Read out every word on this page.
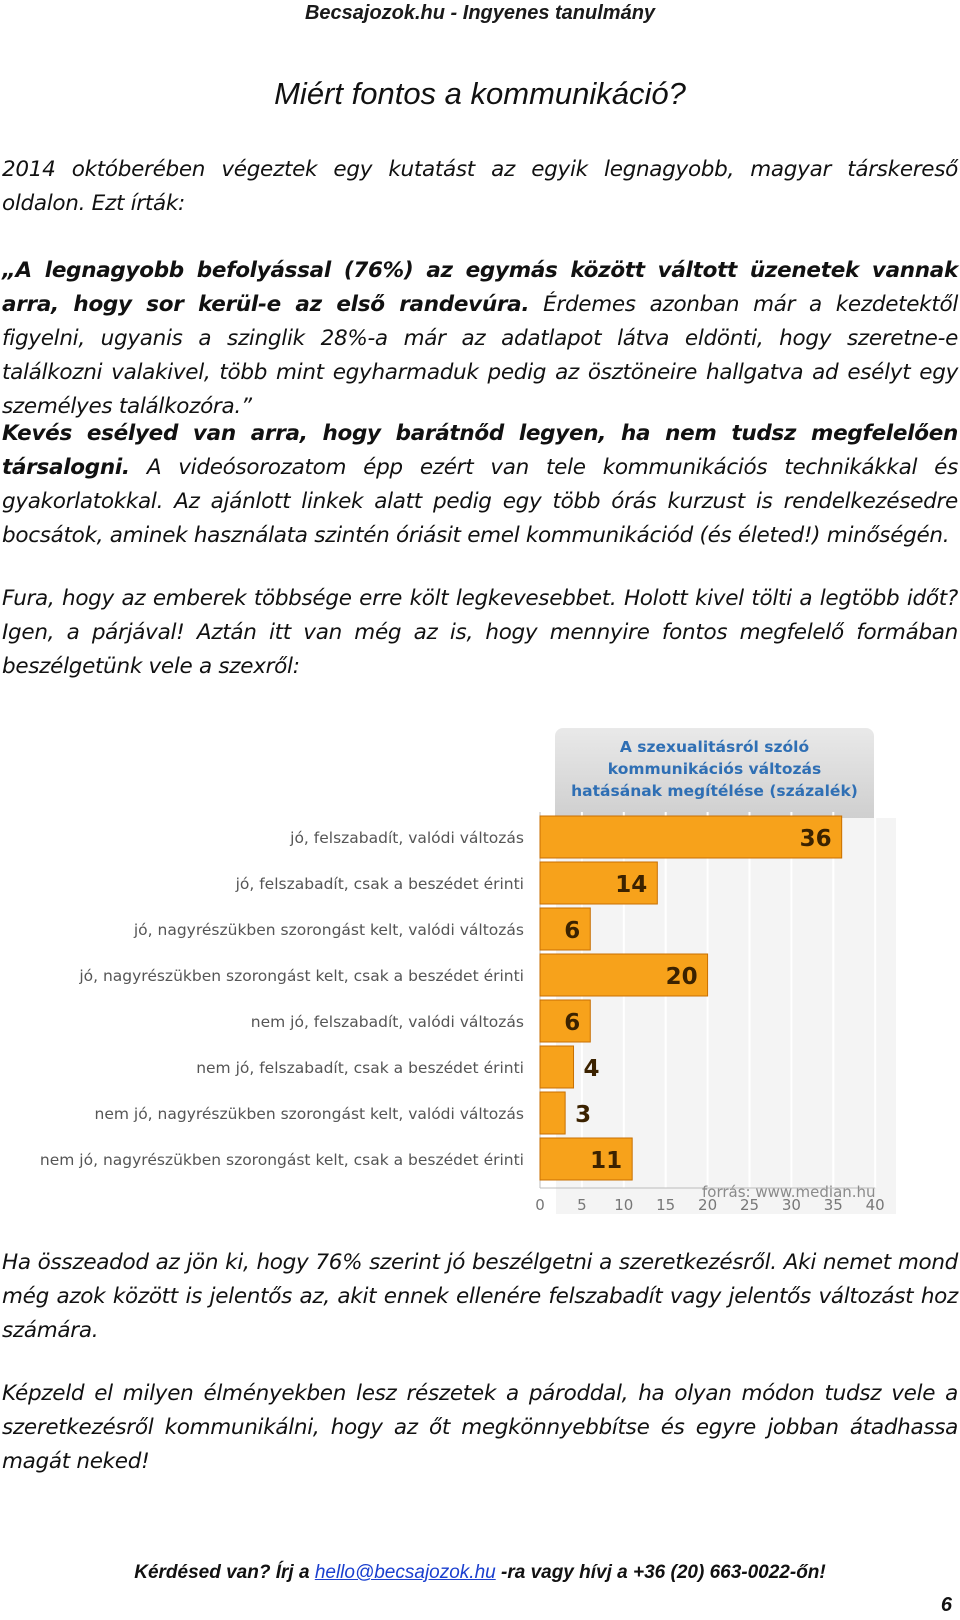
Becsajozok.hu - Ingyenes tanulmány
Miért fontos a kommunikáció?
2014 októberében végeztek egy kutatást az egyik legnagyobb, magyar társkereső oldalon. Ezt írták:
„A legnagyobb befolyással (76%) az egymás között váltott üzenetek vannak arra, hogy sor kerül-e az első randevúra. Érdemes azonban már a kezdetektől figyelni, ugyanis a szinglik 28%-a már az adatlapot látva eldönti, hogy szeretne-e találkozni valakivel, több mint egyharmaduk pedig az ösztöneire hallgatva ad esélyt egy személyes találkozóra.”
Kevés esélyed van arra, hogy barátnőd legyen, ha nem tudsz megfelelően társalogni. A videósorozatom épp ezért van tele kommunikációs technikákkal és gyakorlatokkal. Az ajánlott linkek alatt pedig egy több órás kurzust is rendelkezésedre bocsátok, aminek használata szintén óriásit emel kommunikációd (és életed!) minőségén.
Fura, hogy az emberek többsége erre költ legkevesebbet. Holott kivel tölti a legtöbb időt? Igen, a párjával! Aztán itt van még az is, hogy mennyire fontos megfelelő formában beszélgetünk vele a szexről:
A szexualitásról szóló
kommunikációs változás
hatásának megítélése (százalék)
jó, felszabadít, valódi változás	36
jó, felszabadít, csak a beszédet érinti	14
jó, nagyrészükben szorongást kelt, valódi változás 6
jó, nagyrészükben szorongást kelt, csak a beszédet érinti	20
nem jó, felszabadít, valódi változás 6
nem jó, felszabadít, csak a beszédet érinti	4
nem jó, nagyrészükben szorongást kelt, valódi változás 3
nem jó, nagyrészükben szorongást kelt, csak a beszédet érinti	11
0 5 10 15 20 25 30 35 40
forrás: www.median.hu
Ha összeadod az jön ki, hogy 76% szerint jó beszélgetni a szeretkezésről. Aki nemet mond még azok között is jelentős az, akit ennek ellenére felszabadít vagy jelentős változást hoz számára.
Képzeld el milyen élményekben lesz részetek a pároddal, ha olyan módon tudsz vele a szeretkezésről kommunikálni, hogy az őt megkönnyebbítse és egyre jobban átadhassa magát neked!
Kérdésed van? Írj a hello@becsajozok.hu -ra vagy hívj a +36 (20) 663-0022-őn!
6
